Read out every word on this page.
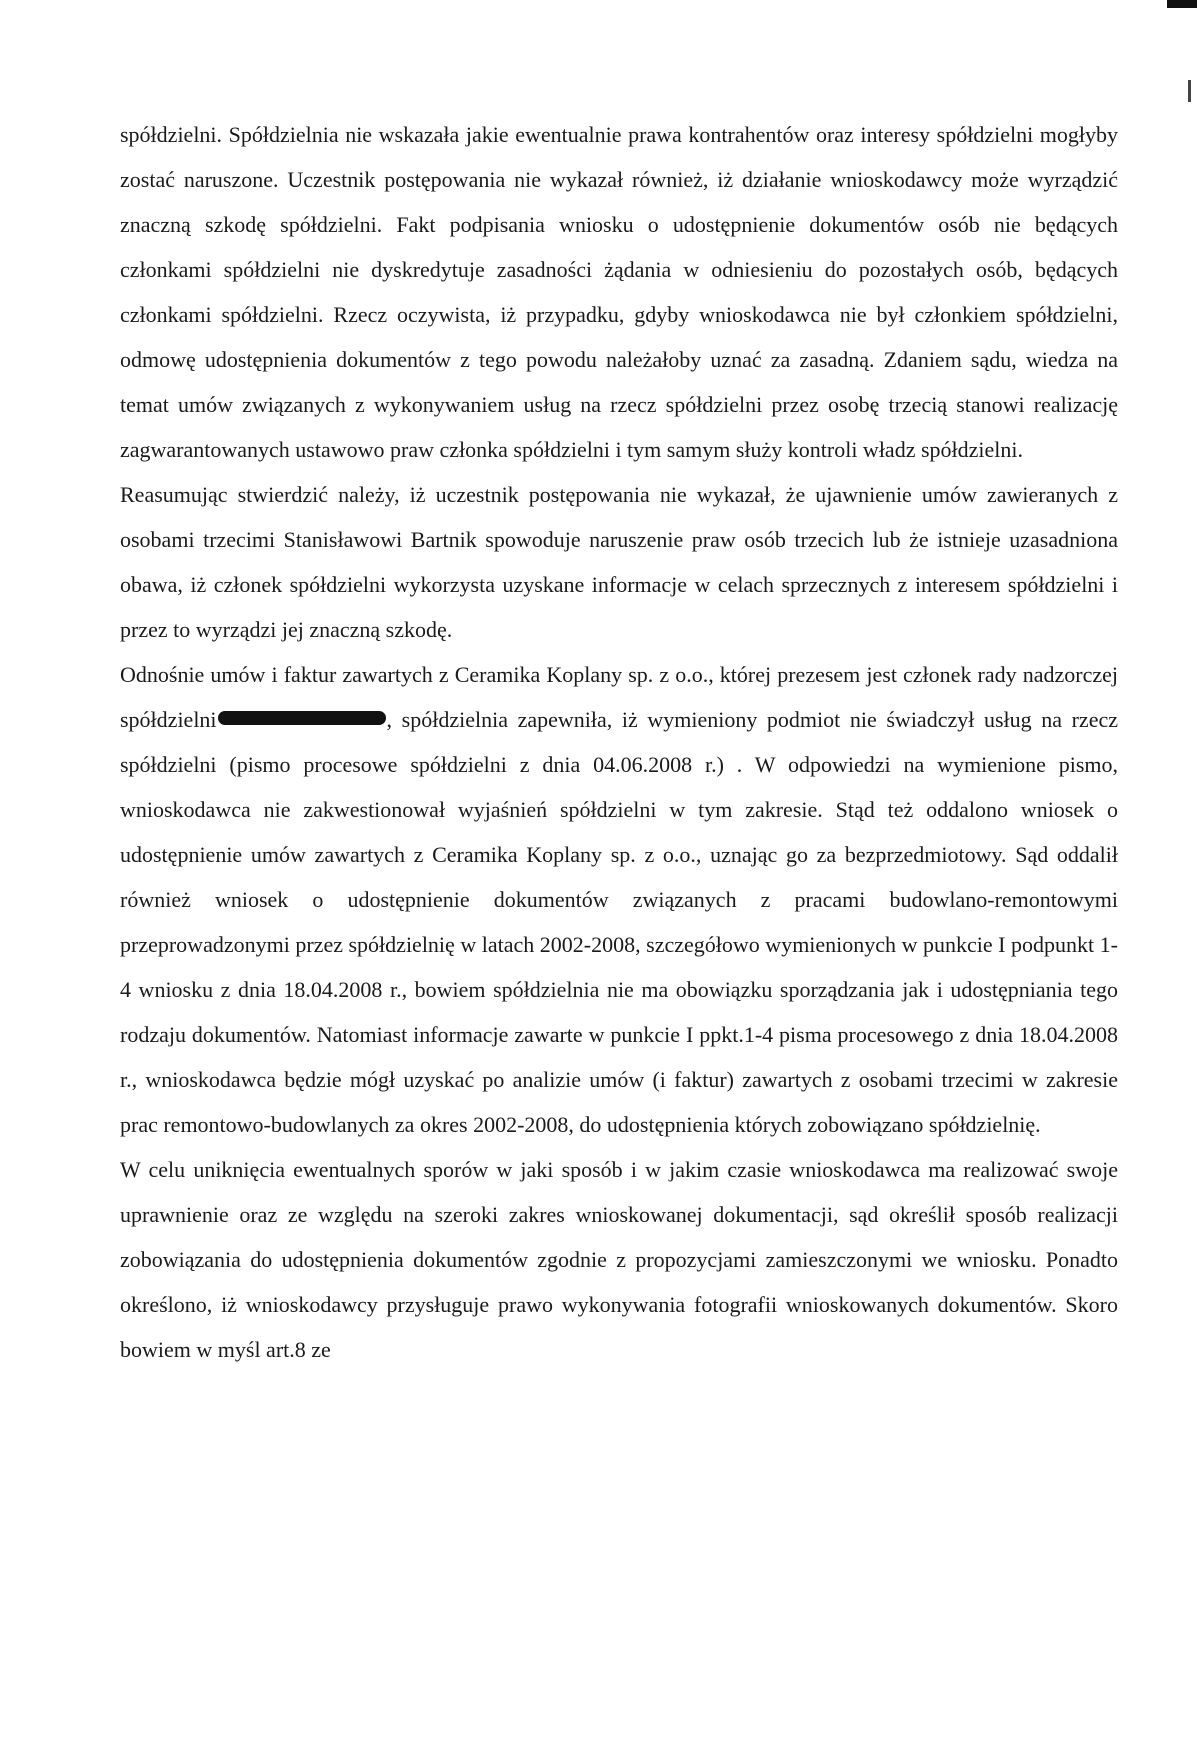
spółdzielni. Spółdzielnia nie wskazała jakie ewentualnie prawa kontrahentów oraz interesy spółdzielni mogłyby zostać naruszone. Uczestnik postępowania nie wykazał również, iż działanie wnioskodawcy może wyrządzić znaczną szkodę spółdzielni. Fakt podpisania wniosku o udostępnienie dokumentów osób nie będących członkami spółdzielni nie dyskredytuje zasadności żądania w odniesieniu do pozostałych osób, będących członkami spółdzielni. Rzecz oczywista, iż przypadku, gdyby wnioskodawca nie był członkiem spółdzielni, odmowę udostępnienia dokumentów z tego powodu należałoby uznać za zasadną. Zdaniem sądu, wiedza na temat umów związanych z wykonywaniem usług na rzecz spółdzielni przez osobę trzecią stanowi realizację zagwarantowanych ustawowo praw członka spółdzielni i tym samym służy kontroli władz spółdzielni.

Reasumując stwierdzić należy, iż uczestnik postępowania nie wykazał, że ujawnienie umów zawieranych z osobami trzecimi Stanisławowi Bartnik spowoduje naruszenie praw osób trzecich lub że istnieje uzasadniona obawa, iż członek spółdzielni wykorzysta uzyskane informacje w celach sprzecznych z interesem spółdzielni i przez to wyrządzi jej znaczną szkodę.

Odnośnie umów i faktur zawartych z Ceramika Koplany sp. z o.o., której prezesem jest członek rady nadzorczej spółdzielni	, spółdzielnia zapewniła, iż wymieniony podmiot nie świadczył usług na rzecz spółdzielni (pismo procesowe spółdzielni z dnia 04.06.2008 r.) . W odpowiedzi na wymienione pismo, wnioskodawca nie zakwestionował wyjaśnień spółdzielni w tym zakresie. Stąd też oddalono wniosek o udostępnienie umów zawartych z Ceramika Koplany sp. z o.o., uznając go za bezprzedmiotowy. Sąd oddalił również wniosek o udostępnienie dokumentów związanych z pracami budowlano-remontowymi przeprowadzonymi przez spółdzielnię w latach 2002-2008, szczegółowo wymienionych w punkcie I podpunkt 1-4 wniosku z dnia 18.04.2008 r., bowiem spółdzielnia nie ma obowiązku sporządzania jak i udostępniania tego rodzaju dokumentów. Natomiast informacje zawarte w punkcie I ppkt.1-4 pisma procesowego z dnia 18.04.2008 r., wnioskodawca będzie mógł uzyskać po analizie umów (i faktur) zawartych z osobami trzecimi w zakresie prac remontowo-budowlanych za okres 2002-2008, do udostępnienia których zobowiązano spółdzielnię.

W celu uniknięcia ewentualnych sporów w jaki sposób i w jakim czasie wnioskodawca ma realizować swoje uprawnienie oraz ze względu na szeroki zakres wnioskowanej dokumentacji, sąd określił sposób realizacji zobowiązania do udostępnienia dokumentów zgodnie z propozycjami zamieszczonymi we wniosku. Ponadto określono, iż wnioskodawcy przysługuje prawo wykonywania fotografii wnioskowanych dokumentów. Skoro bowiem w myśl art.8 ze
